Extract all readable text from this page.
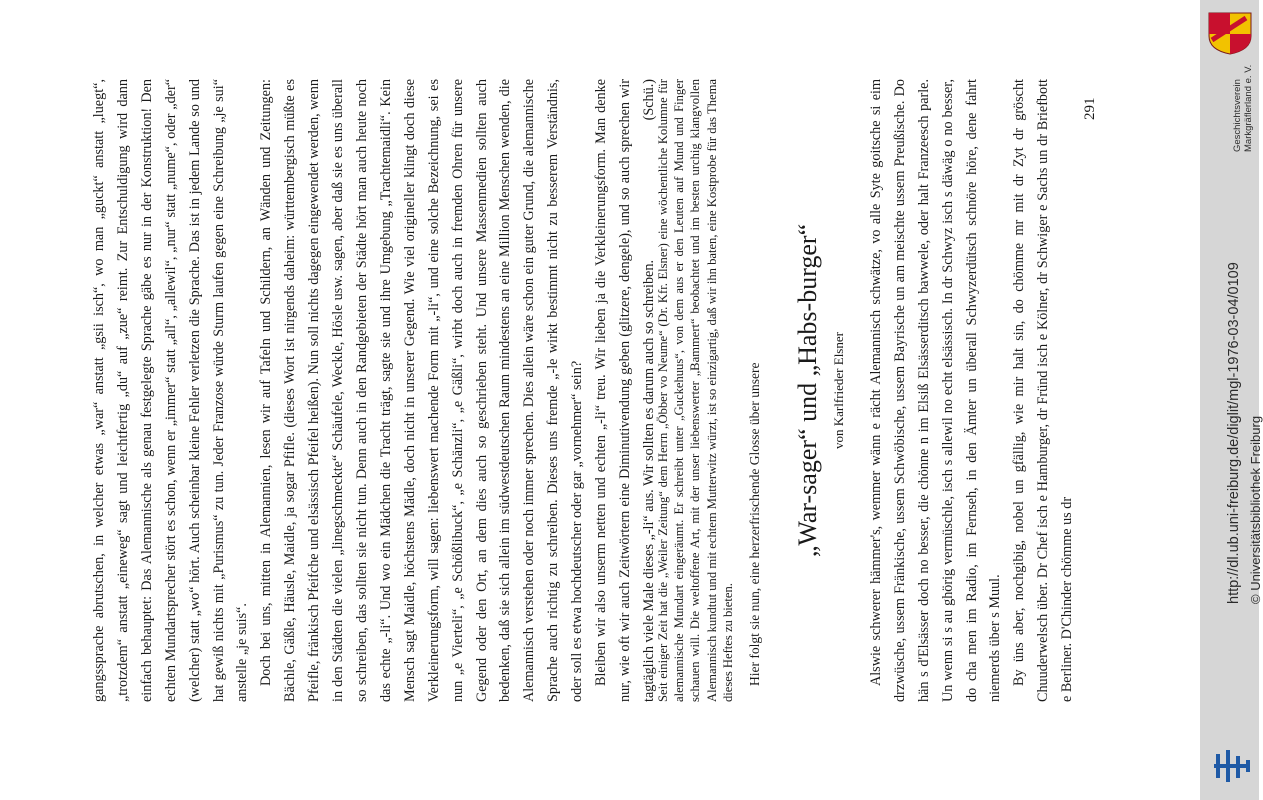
gangssprache abrutschen, in welcher etwas „war“ anstatt „gsii isch“, wo man „guckt“ anstatt „luegt“, „trotzdem“ anstatt „eineweg“ sagt und leichtfertig „du“ auf „zue“ reimt. Zur Entschuldigung wird dann einfach behauptet: Das Alemannische als genau festgelegte Sprache gäbe es nur in der Konstruktion! Den echten Mundartsprecher stört es schon, wenn er „immer“ statt „all“, „allewil“, „nur“ statt „nume“, oder „der“ (welcher) statt „wo“ hört. Auch scheinbar kleine Fehler verletzen die Sprache. Das ist in jedem Lande so und hat gewiß nichts mit „Purismus“ zu tun. Jeder Franzose würde Sturm laufen gegen eine Schreibung „je sui“ anstelle „je suis“. Doch bei uns, mitten in Alemannien, lesen wir auf Tafeln und Schildern, an Wänden und Zeitungen: Bächle, Gäßle, Häusle, Maidle, ja sogar Pfifle. (dieses Wort ist nirgends daheim: württembergisch müßte es Pfeifle, fränkisch Pfeifche und elsässisch Pfeifel heißen). Nun soll nichts dagegen eingewendet werden, wenn in den Städten die vielen „linegschmeckte“ Schäufele, Weckle, Hösle usw. sagen, aber daß sie es uns überall so schreiben, das sollten sie nicht tun. Denn auch in den Randgebieten der Städte hört man auch heute noch das echte „-li“. Und wo ein Mädchen die Tracht trägt, sagte sie und ihre Umgebung „Trachtemaidli“. Kein Mensch sagt Maidle, höchstens Mädle, doch nicht in unserer Gegend. Wie viel origineller klingt doch diese Verkleinerungsform, will sagen: liebenswert machende Form mit „-li“, und eine solche Bezeichnung, sei es nun „e Vierteli“, „e Schößlibuck“, „e Schänzli“, „e Gäßli“, wirbt doch auch in fremden Ohren für unsere Gegend oder den Ort, an dem dies auch so geschrieben steht. Und unsere Massenmedien sollten auch bedenken, daß sie sich allein im südwestdeutschen Raum mindestens an eine Million Menschen wenden, die Alemannisch verstehen oder noch immer sprechen. Dies allein wäre schon ein guter Grund, die alemannische Sprache auch richtig zu schreiben. Dieses uns fremde „-le wirkt bestimmt nicht zu besserem Verständnis, oder soll es etwa hochdeutscher oder gar „vornehmer“ sein? Bleiben wir also unserm netten und echten „-li“ treu. Wir lieben ja die Verkleinerungsform. Man denke nur, wie oft wir auch Zeitwörtern eine Diminutivendung geben (glitzere, dengele), und so auch sprechen wir tagtäglich viele Male dieses „-li“ aus. Wir sollten es darum auch so schreiben.
(Schü.) Seit einiger Zeit hat die „Weiler Zeitung“ dem Herrn „Öbber vo Neume“ (Dr. Kfr. Elsner) eine wöchentliche Kolumne für alemannische Mundart eingeräumt. Er schreibt unter „Guckehuus“, von dem aus er den Leuten auf Mund und Finger schauen will. Die weltoffene Art, mit der unser liebenswerter „Bammert“ beobachtet und im besten urchig klangvollen Alemannisch kundtut und mit echtem Mutterwitz würzt, ist so einzigartig, daß wir ihn baten, eine Kostprobe für das Thema dieses Heftes zu bieten. Hier folgt sie nun, eine herzerfrischende Glosse über unsere „War-sager“ und „Habs-burger“ von Karlfrieder Elsner	Alswie schwerer hämmer's, wemmer wänn e rächt Alemannisch schwätze, vo alle Syte goitsche si eim drzwüsche, ussem Fränkische, ussem Schwöbische, ussem Bayrische un am meischte ussem Preußische. Do hän s d'Elsässer doch no besser, die chönne n im Elsiß Elsässerditsch bawwele, oder halt Franzeesch parle. Un wenn si s au ghörig vermüschle, isch s allewil no echt elsässisch. In dr Schwyz isch s däwäg o no besser, do cha men im Radio, im Fernseh, in den Ämter un überall Schwyzerdütsch schnöre höre, dene fahrt niemerds über s Muul. By üns aber, nochgibig, nobel un gfällig, wie mir halt sin, do chömme mr mit dr Zyt dr gröscht Chuuderwelsch über. Dr Chef isch e Hamburger, dr Fründ isch e Kölner, dr Schwiger e Sachs un dr Briefbott e Berliner. D'Chinder chömme us dr

291	Geschichtsverein Markgräflerland e. V.
http://dl.ub.uni-freiburg.de/diglit/mgl-1976-03-04/0109 © Universitätsbibliothek Freiburg
